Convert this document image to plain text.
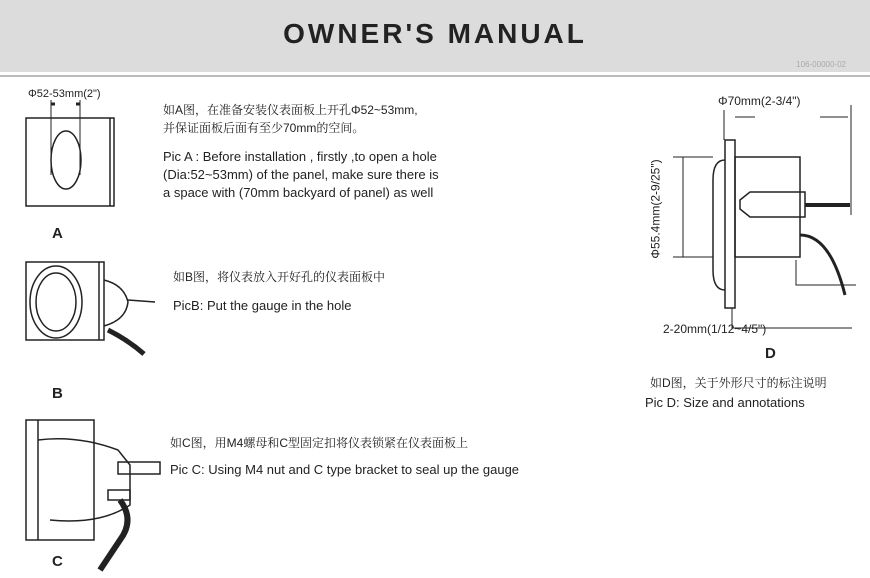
OWNER'S MANUAL
106-00000-02
Φ52-53mm(2")
A
如A图，在准备安装仪表面板上开孔Φ52~53mm,
并保证面板后面有至少70mm的空间。
Pic A : Before installation , firstly ,to open a hole
(Dia:52~53mm) of the panel, make sure there is
a space with (70mm backyard of panel) as well
B
如B图，将仪表放入开好孔的仪表面板中
PicB: Put the gauge in the hole
C
如C图，用M4螺母和C型固定扣将仪表锁紧在仪表面板上
Pic C: Using M4 nut and C type bracket to seal up the gauge
Φ70mm(2-3/4")
Φ55.4mm(2-9/25")
2-20mm(1/12~4/5")
D
如D图，关于外形尺寸的标注说明
Pic D: Size and annotations
